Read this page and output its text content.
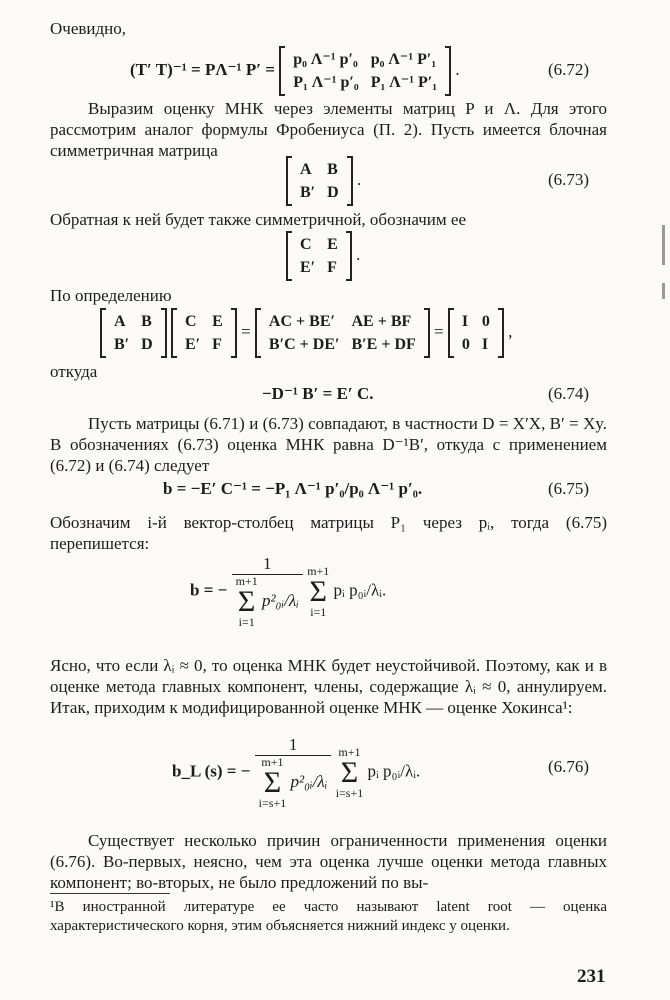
Очевидно,

(T′ T)⁻¹ = PΛ⁻¹ P′ =
p₀ Λ⁻¹ p′₀	p₀ Λ⁻¹ P′₁
P₁ Λ⁻¹ p′₀	P₁ Λ⁻¹ P′₁
.	(6.72)

Выразим оценку МНК через элементы матриц P и Λ. Для этого рассмотрим аналог формулы Фробениуса (П. 2). Пусть имеется блочная симметричная матрица

A	B
B′	D
.	(6.73)

Обратная к ней будет также симметричной, обозначим ее

C	E
E′	F
.

По определению

A	B
B′	D

C	E
E′	F
=
AC + BE′	AE + BF
B′C + DE′	B′E + DF
=
I	0
0	I
,

откуда

−D⁻¹ B′ = E′ C.	(6.74)

Пусть матрицы (6.71) и (6.73) совпадают, в частности D = X′X, B′ = Xy. В обозначениях (6.73) оценка МНК равна D⁻¹B′, откуда с применением (6.72) и (6.74) следует

b = −E′ C⁻¹ = −P₁ Λ⁻¹ p′₀/p₀ Λ⁻¹ p′₀.	(6.75)

Обозначим i-й вектор-столбец матрицы P₁ через pᵢ, тогда (6.75) перепишется:

b = − 1
m+1
Σ
i=1 p²₀ᵢ/λᵢ m+1
Σ
i=1 pᵢ p₀ᵢ/λᵢ.

Ясно, что если λᵢ ≈ 0, то оценка МНК будет неустойчивой. Поэтому, как и в оценке метода главных компонент, члены, содержащие λᵢ ≈ 0, аннулируем. Итак, приходим к модифицированной оценке МНК — оценке Хокинса¹:

b_L (s) = − 1
m+1
Σ
i=s+1 p²₀ᵢ/λᵢ m+1
Σ
i=s+1 pᵢ p₀ᵢ/λᵢ.	(6.76)

Существует несколько причин ограниченности применения оценки (6.76). Во-первых, неясно, чем эта оценка лучше оценки метода главных компонент; во-вторых, не было предложений по вы-

¹В иностранной литературе ее часто называют latent root — оценка характеристического корня, этим объясняется нижний индекс у оценки.

231
